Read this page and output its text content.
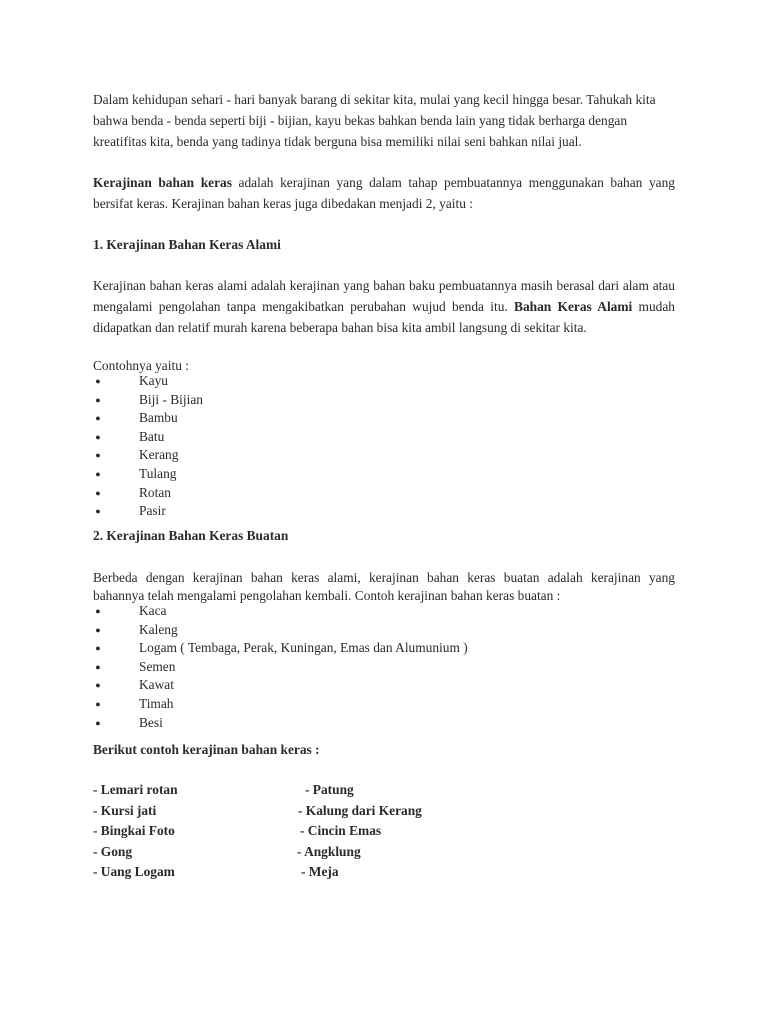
Dalam kehidupan sehari - hari banyak barang di sekitar kita, mulai yang kecil hingga besar. Tahukah kita

bahwa benda - benda seperti biji - bijian, kayu bekas bahkan benda lain yang tidak berharga dengan

kreatifitas kita, benda yang tadinya tidak berguna bisa memiliki nilai seni bahkan nilai jual.

Kerajinan bahan keras adalah kerajinan yang dalam tahap pembuatannya menggunakan bahan yang

bersifat keras. Kerajinan bahan keras juga dibedakan menjadi 2, yaitu :

1. Kerajinan Bahan Keras Alami

Kerajinan bahan keras alami adalah kerajinan yang bahan baku pembuatannya masih berasal dari alam atau

mengalami pengolahan tanpa mengakibatkan perubahan wujud benda itu. Bahan Keras Alami mudah

didapatkan dan relatif murah karena beberapa bahan bisa kita ambil langsung di sekitar kita.

Contohnya yaitu :

●	Kayu
●	Biji - Bijian
●	Bambu
●	Batu
●	Kerang
●	Tulang
●	Rotan
●	Pasir

2. Kerajinan Bahan Keras Buatan

Berbeda dengan kerajinan bahan keras alami, kerajinan bahan keras buatan adalah kerajinan yang

bahannya telah mengalami pengolahan kembali. Contoh kerajinan bahan keras buatan :

●	Kaca
●	Kaleng
●	Logam ( Tembaga, Perak, Kuningan, Emas dan Alumunium )
●	Semen
●	Kawat
●	Timah
●	Besi

Berikut contoh kerajinan bahan keras :

- Lemari rotan	- Patung
- Kursi jati	- Kalung dari Kerang
- Bingkai Foto	- Cincin Emas
- Gong	- Angklung
- Uang Logam	- Meja
